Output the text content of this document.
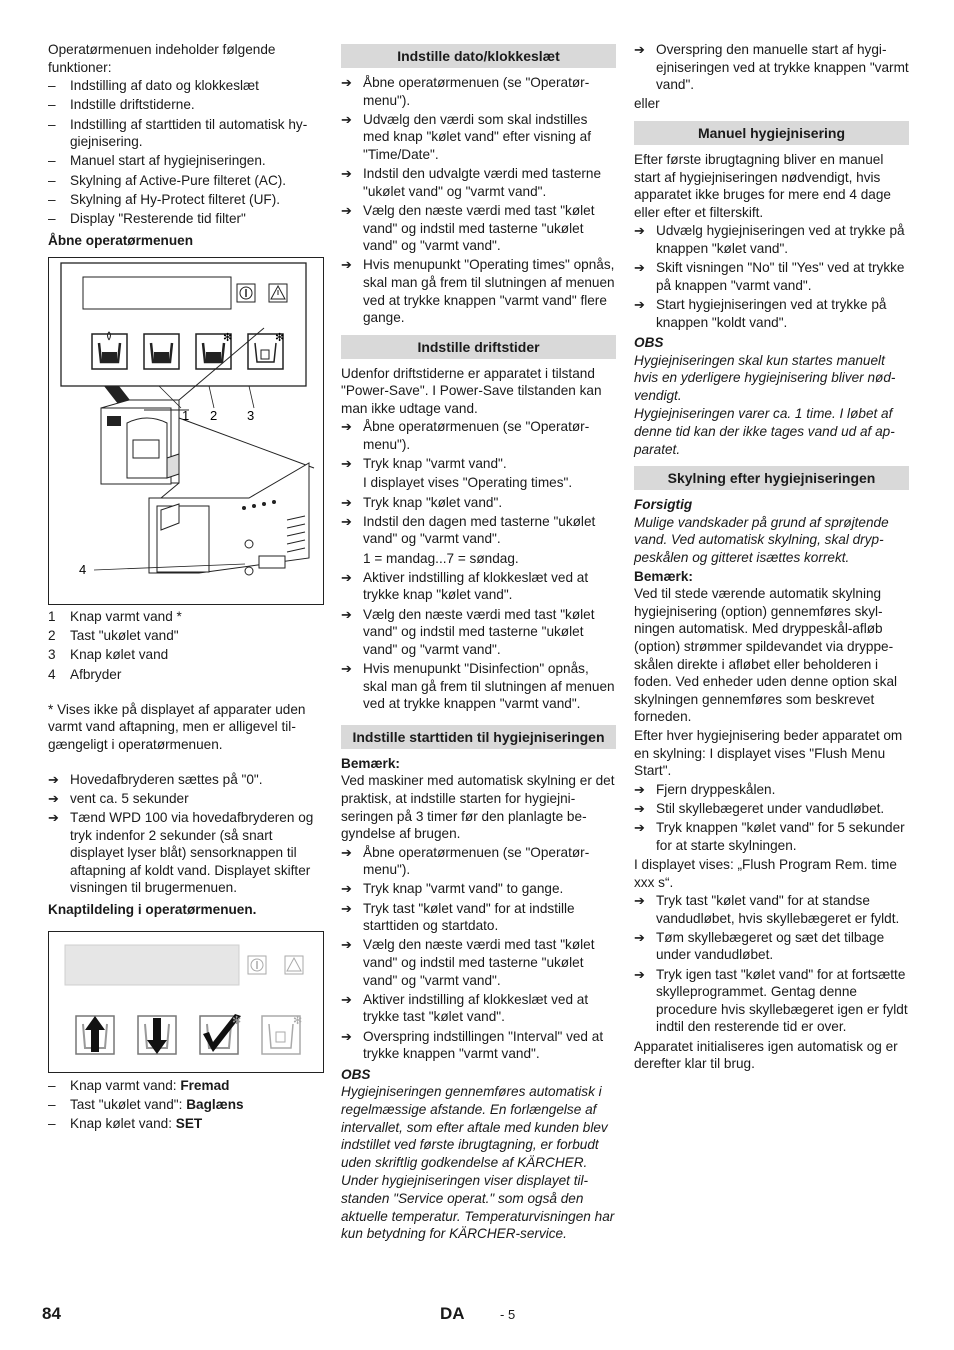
Operatørmenuen indeholder følgende funktioner:

– Indstilling af dato og klokkeslæt
– Indstille driftstiderne.
– Indstilling af starttiden til automatisk hygiejnisering.
– Manuel start af hygiejniseringen.
– Skylning af Active-Pure filteret (AC).
– Skylning af Hy-Protect filteret (UF).
– Display "Resterende tid filter"
Åbne operatørmenuen
✻	✻
1 2 3
4
1 Knap varmt vand *
2 Tast "ukølet vand"
3 Knap kølet vand
4 Afbryder

* Vises ikke på displayet af apparater uden varmt vand aftapning, men er alligevel tilgængeligt i operatørmenuen.

➔ Hovedafbryderen sættes på "0".
➔ vent ca. 5 sekunder
➔ Tænd WPD 100 via hovedafbryderen og tryk indenfor 2 sekunder (så snart displayet lyser blåt) sensorknappen til aftapning af koldt vand. Displayet skifter visningen til brugermenuen.
Knaptildeling i operatørmenuen.
✻	✻
– Knap varmt vand: Fremad
– Tast "ukølet vand": Baglæns
– Knap kølet vand: SET
Indstille dato/klokkeslæt
➔ Åbne operatørmenuen (se "Operatørmenu").
➔ Udvælg den værdi som skal indstilles med knap "kølet vand" efter visning af "Time/Date".
➔ Indstil den udvalgte værdi med tasterne "ukølet vand" og "varmt vand".
➔ Vælg den næste værdi med tast "kølet vand" og indstil med tasterne "ukølet vand" og "varmt vand".
➔ Hvis menupunkt "Operating times" opnås, skal man gå frem til slutningen af menuen ved at trykke knappen "varmt vand" flere gange.
Indstille driftstider

Udenfor driftstiderne er apparatet i tilstand "Power-Save". I Power-Save tilstanden kan man ikke udtage vand.

➔ Åbne operatørmenuen (se "Operatørmenu").
➔ Tryk knap "varmt vand".
I displayet vises "Operating times".
➔ Tryk knap "kølet vand".
➔ Indstil den dagen med tasterne "ukølet vand" og "varmt vand".
1 = mandag...7 = søndag.
➔ Aktiver indstilling af klokkeslæt ved at trykke knap "kølet vand".
➔ Vælg den næste værdi med tast "kølet vand" og indstil med tasterne "ukølet vand" og "varmt vand".
➔ Hvis menupunkt "Disinfection" opnås, skal man gå frem til slutningen af menuen ved at trykke knappen "varmt vand".
Indstille starttiden til hygiejniseringen
Bemærk:

Ved maskiner med automatisk skylning er det praktisk, at indstille starten for hygiejniseringen på 3 timer før den planlagte begyndelse af brugen.

➔ Åbne operatørmenuen (se "Operatørmenu").
➔ Tryk knap "varmt vand" to gange.
➔ Tryk tast "kølet vand" for at indstille starttiden og startdato.
➔ Vælg den næste værdi med tast "kølet vand" og indstil med tasterne "ukølet vand" og "varmt vand".
➔ Aktiver indstilling af klokkeslæt ved at trykke tast "kølet vand".
➔ Overspring indstillingen "Interval" ved at trykke knappen "varmt vand".
OBS

Hygiejniseringen gennemføres automatisk i regelmæssige afstande. En forlængelse af intervallet, som efter aftale med kunden blev indstillet ved første ibrugtagning, er forbudt uden skriftlig godkendelse af KÄRCHER.

Under hygiejniseringen viser displayet tilstanden "Service operat." som også den aktuelle temperatur. Temperaturvisningen har kun betydning for KÄRCHER-service.

➔ Overspring den manuelle start af hygiejniseringen ved at trykke knappen "varmt vand".

eller

Manuel hygiejnisering

Efter første ibrugtagning bliver en manuel start af hygiejniseringen nødvendigt, hvis apparatet ikke bruges for mere end 4 dage eller efter et filterskift.

➔ Udvælg hygiejniseringen ved at trykke på knappen "kølet vand".
➔ Skift visningen "No" til "Yes" ved at trykke på knappen "varmt vand".
➔ Start hygiejniseringen ved at trykke på knappen "koldt vand".
OBS

Hygiejniseringen skal kun startes manuelt hvis en yderligere hygiejnisering bliver nødvendigt.

Hygiejniseringen varer ca. 1 time. I løbet af denne tid kan der ikke tages vand ud af apparatet.

Skylning efter hygiejniseringen
Forsigtig

Mulige vandskader på grund af sprøjtende vand. Ved automatisk skylning, skal dryppeskålen og gitteret isættes korrekt.

Bemærk:

Ved til stede værende automatik skylning hygiejnisering (option) gennemføres skylningen automatisk. Med dryppeskål-afløb (option) strømmer spildevandet via dryppeskålen direkte i afløbet eller beholderen i foden. Ved enheder uden denne option skal skylningen gennemføres som beskrevet forneden.

Efter hver hygiejnisering beder apparatet om en skylning: I displayet vises "Flush Menu Start".

➔ Fjern dryppeskålen.
➔ Stil skyllebægeret under vandudløbet.
➔ Tryk knappen "kølet vand" for 5 sekunder for at starte skylningen.

I displayet vises: „Flush Program Rem. time xxx s“.

➔ Tryk tast "kølet vand" for at standse vandudløbet, hvis skyllebægeret er fyldt.
➔ Tøm skyllebægeret og sæt det tilbage under vandudløbet.
➔ Tryk igen tast "kølet vand" for at fortsætte skylleprogrammet. Gentag denne procedure hvis skyllebægeret igen er fyldt indtil den resterende tid er over.

Apparatet initialiseres igen automatisk og er derefter klar til brug.

84	DA	- 5
